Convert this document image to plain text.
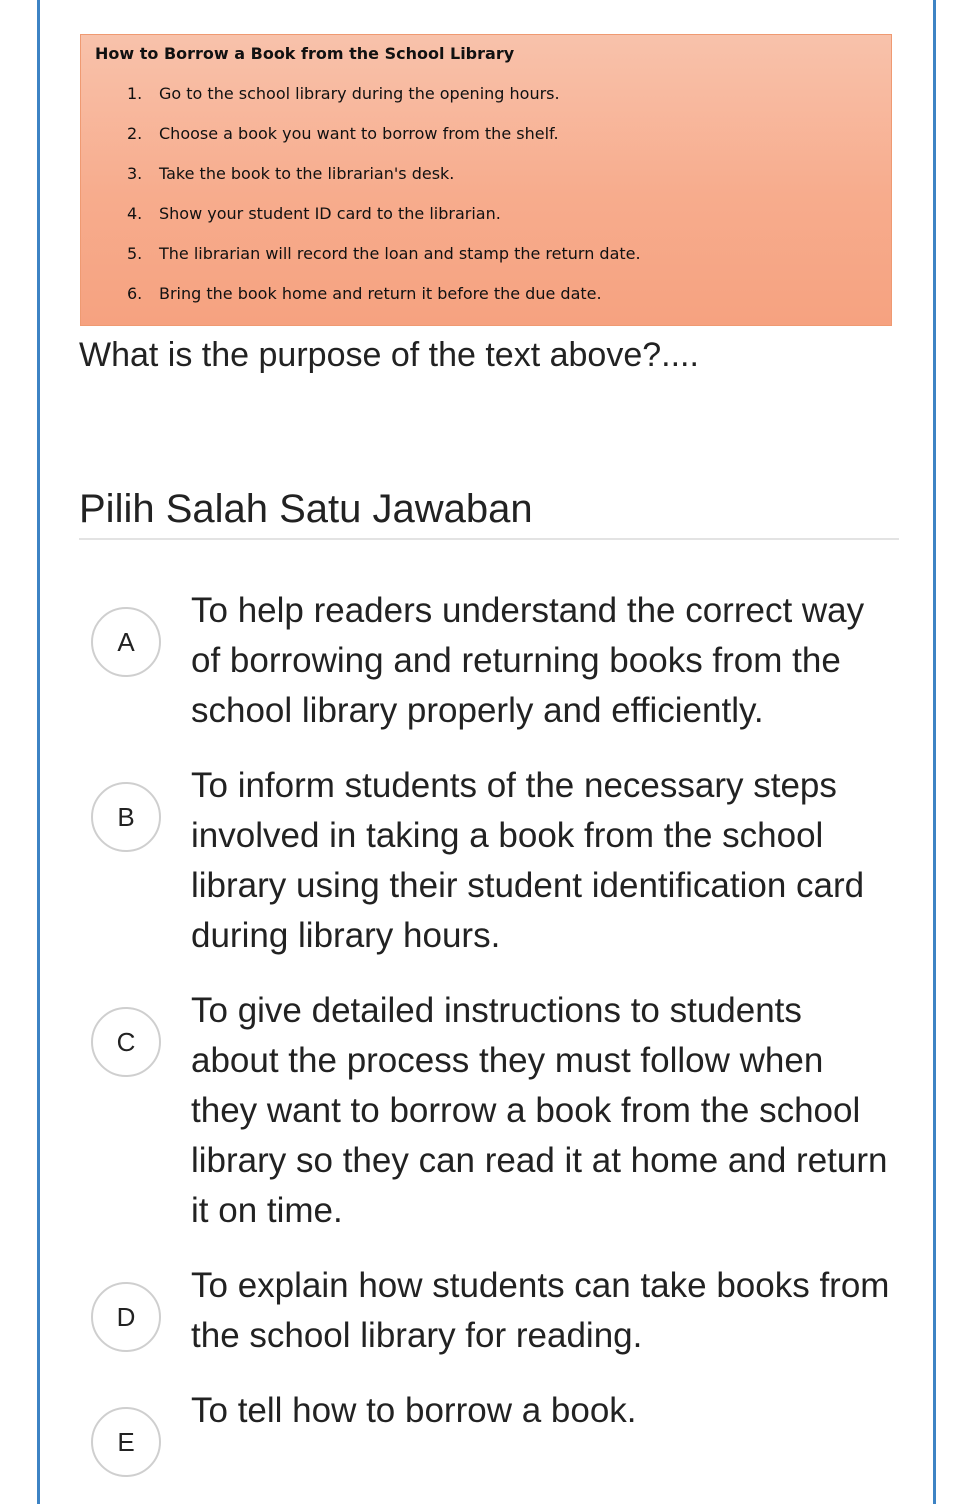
How to Borrow a Book from the School Library
1.	Go to the school library during the opening hours.
2.	Choose a book you want to borrow from the shelf.
3.	Take the book to the librarian's desk.
4.	Show your student ID card to the librarian.
5.	The librarian will record the loan and stamp the return date.
6.	Bring the book home and return it before the due date.
What is the purpose of the text above?....
Pilih Salah Satu Jawaban
A
To help readers understand the correct way of borrowing and returning books from the school library properly and efficiently.
B
To inform students of the necessary steps involved in taking a book from the school library using their student identification card during library hours.
C
To give detailed instructions to students about the process they must follow when they want to borrow a book from the school library so they can read it at home and return it on time.
D
To explain how students can take books from the school library for reading.
E
To tell how to borrow a book.
